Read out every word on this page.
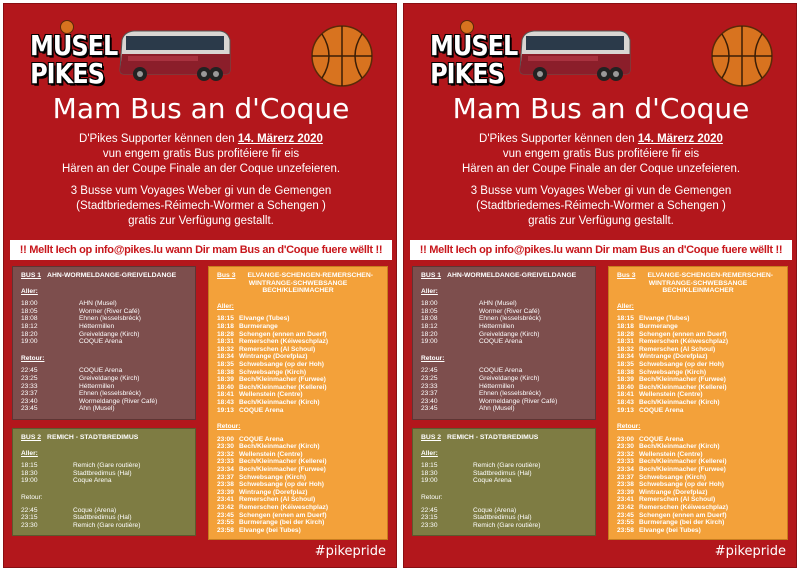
MUSEL
PIKES
Mam Bus an d'Coque
D'Pikes Supporter kënnen den 14. Märerz 2020
vun engem gratis Bus profitéiere fir eis
Hären an der Coupe Finale an der Coque unzefeieren.
3 Busse vum Voyages Weber gi vun de Gemengen
(Stadtbriedemes-Réimech-Wormer a Schengen )
gratis zur Verfügung gestallt.
!! Mellt Iech op info@pikes.lu wann Dir mam Bus an d'Coque fuere wëllt !!
BUS 1 AHN-WORMELDANGE-GREIVELDANGE
Aller:
18:00	AHN (Musel)
18:05	Wormer (River Café)
18:08	Ehnen (Iesselsbréck)
18:12	Héttermillen
18:20	Greiveldange (Kirch)
19:00	COQUE Arena
Retour:
22:45	COQUE Arena
23:25	Greiveldange (Kirch)
23:33	Héttermillen
23:37	Ehnen (Iesselsbréck)
23:40	Wormeldange (River Café)
23:45	Ahn (Musel)
BUS 2 REMICH - STADTBREDIMUS
Aller:
18:15	Remich (Gare routière)
18:30	Stadtbredimus (Hal)
19:00	Coque Arena
Retour:
22:45	Coque (Arena)
23:15	Stadtbredimus (Hal)
23:30	Remich (Gare routière)
Bus 3 ELVANGE-SCHENGEN-REMERSCHEN-WINTRANGE-SCHWEBSANGE BECH/KLEINMACHER
Aller:
18:15 Elvange (Tubes)
18:18 Burmerange
18:28 Schengen (ennen am Duerf)
18:31 Remerschen (Kéiweschplaz)
18:32 Remerschen (Al Schoul)
18:34 Wintrange (Dorefplaz)
18:35 Schwebsange (op der Hoh)
18:38 Schwebsange (Kirch)
18:39 Bech/Kleinmacher (Furwee)
18:40 Bech/Kleinmacher (Kellerei)
18:41 Wellenstein (Centre)
18:43 Bech/Kleinmacher (Kirch)
19:13 COQUE Arena
Retour:
23:00 COQUE Arena
23:30 Bech/Kleinmacher (Kirch)
23:32 Wellenstein (Centre)
23:33 Bech/Kleinmacher (Kellerei)
23:34 Bech/Kleinmacher (Furwee)
23:37 Schwebsange (Kirch)
23:38 Schwebsange (op der Hoh)
23:39 Wintrange (Dorefplaz)
23:41 Remerschen (Al Schoul)
23:42 Remerschen (Kéiweschplaz)
23:45 Schengen (ennen am Duerf)
23:55 Burmerange (bei der Kirch)
23:58 Elvange (bei Tubes)
#pikepride
MUSEL
PIKES
Mam Bus an d'Coque
D'Pikes Supporter kënnen den 14. Märerz 2020
vun engem gratis Bus profitéiere fir eis
Hären an der Coupe Finale an der Coque unzefeieren.
3 Busse vum Voyages Weber gi vun de Gemengen
(Stadtbriedemes-Réimech-Wormer a Schengen )
gratis zur Verfügung gestallt.
!! Mellt Iech op info@pikes.lu wann Dir mam Bus an d'Coque fuere wëllt !!
BUS 1 AHN-WORMELDANGE-GREIVELDANGE
Aller:
18:00	AHN (Musel)
18:05	Wormer (River Café)
18:08	Ehnen (Iesselsbréck)
18:12	Héttermillen
18:20	Greiveldange (Kirch)
19:00	COQUE Arena
Retour:
22:45	COQUE Arena
23:25	Greiveldange (Kirch)
23:33	Héttermillen
23:37	Ehnen (Iesselsbréck)
23:40	Wormeldange (River Café)
23:45	Ahn (Musel)
BUS 2 REMICH - STADTBREDIMUS
Aller:
18:15	Remich (Gare routière)
18:30	Stadtbredimus (Hal)
19:00	Coque Arena
Retour:
22:45	Coque (Arena)
23:15	Stadtbredimus (Hal)
23:30	Remich (Gare routière)
Bus 3 ELVANGE-SCHENGEN-REMERSCHEN-WINTRANGE-SCHWEBSANGE BECH/KLEINMACHER
Aller:
18:15 Elvange (Tubes)
18:18 Burmerange
18:28 Schengen (ennen am Duerf)
18:31 Remerschen (Kéiweschplaz)
18:32 Remerschen (Al Schoul)
18:34 Wintrange (Dorefplaz)
18:35 Schwebsange (op der Hoh)
18:38 Schwebsange (Kirch)
18:39 Bech/Kleinmacher (Furwee)
18:40 Bech/Kleinmacher (Kellerei)
18:41 Wellenstein (Centre)
18:43 Bech/Kleinmacher (Kirch)
19:13 COQUE Arena
Retour:
23:00 COQUE Arena
23:30 Bech/Kleinmacher (Kirch)
23:32 Wellenstein (Centre)
23:33 Bech/Kleinmacher (Kellerei)
23:34 Bech/Kleinmacher (Furwee)
23:37 Schwebsange (Kirch)
23:38 Schwebsange (op der Hoh)
23:39 Wintrange (Dorefplaz)
23:41 Remerschen (Al Schoul)
23:42 Remerschen (Kéiweschplaz)
23:45 Schengen (ennen am Duerf)
23:55 Burmerange (bei der Kirch)
23:58 Elvange (bei Tubes)
#pikepride
